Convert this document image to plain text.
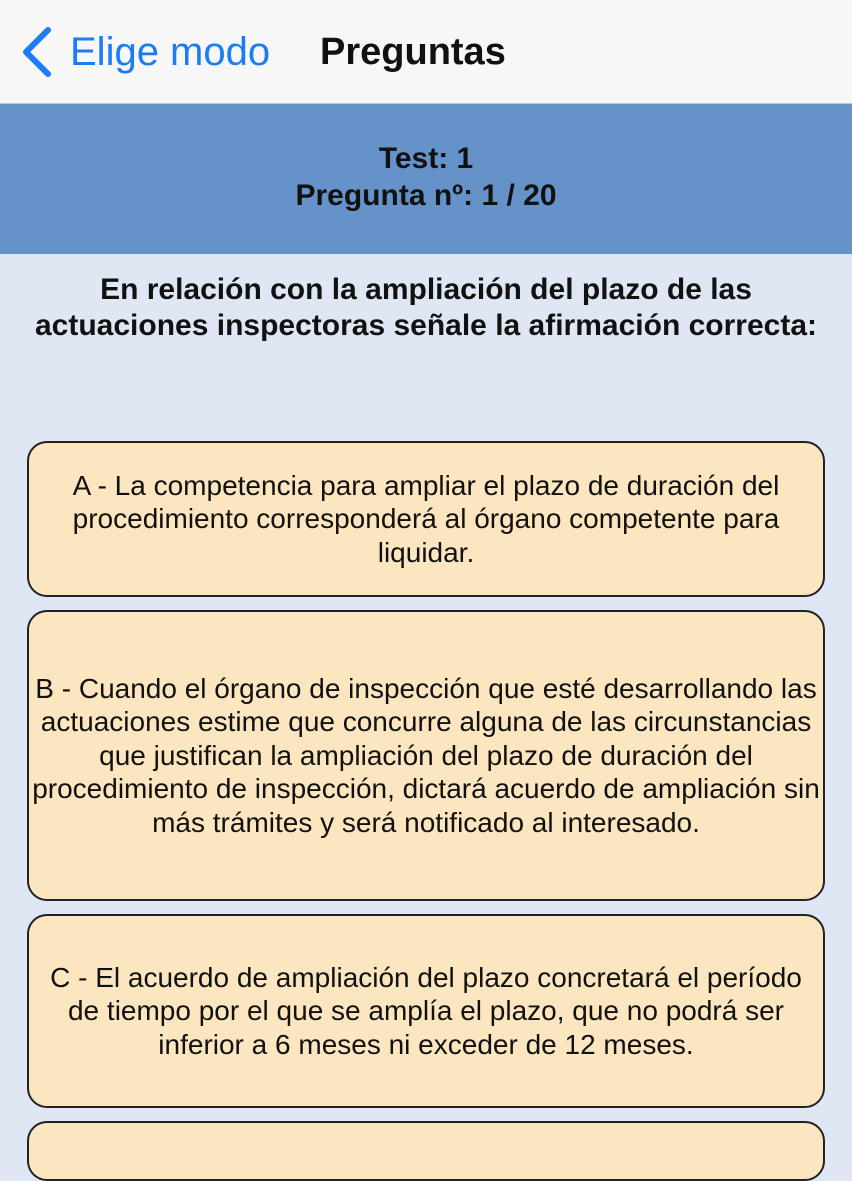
Elige modo Preguntas
Test: 1
Pregunta nº: 1 / 20
En relación con la ampliación del plazo de las actuaciones inspectoras señale la afirmación correcta:
A - La competencia para ampliar el plazo de duración del procedimiento corresponderá al órgano competente para liquidar.
B - Cuando el órgano de inspección que esté desarrollando las actuaciones estime que concurre alguna de las circunstancias que justifican la ampliación del plazo de duración del procedimiento de inspección, dictará acuerdo de ampliación sin más trámites y será notificado al interesado.
C - El acuerdo de ampliación del plazo concretará el período de tiempo por el que se amplía el plazo, que no podrá ser inferior a 6 meses ni exceder de 12 meses.
